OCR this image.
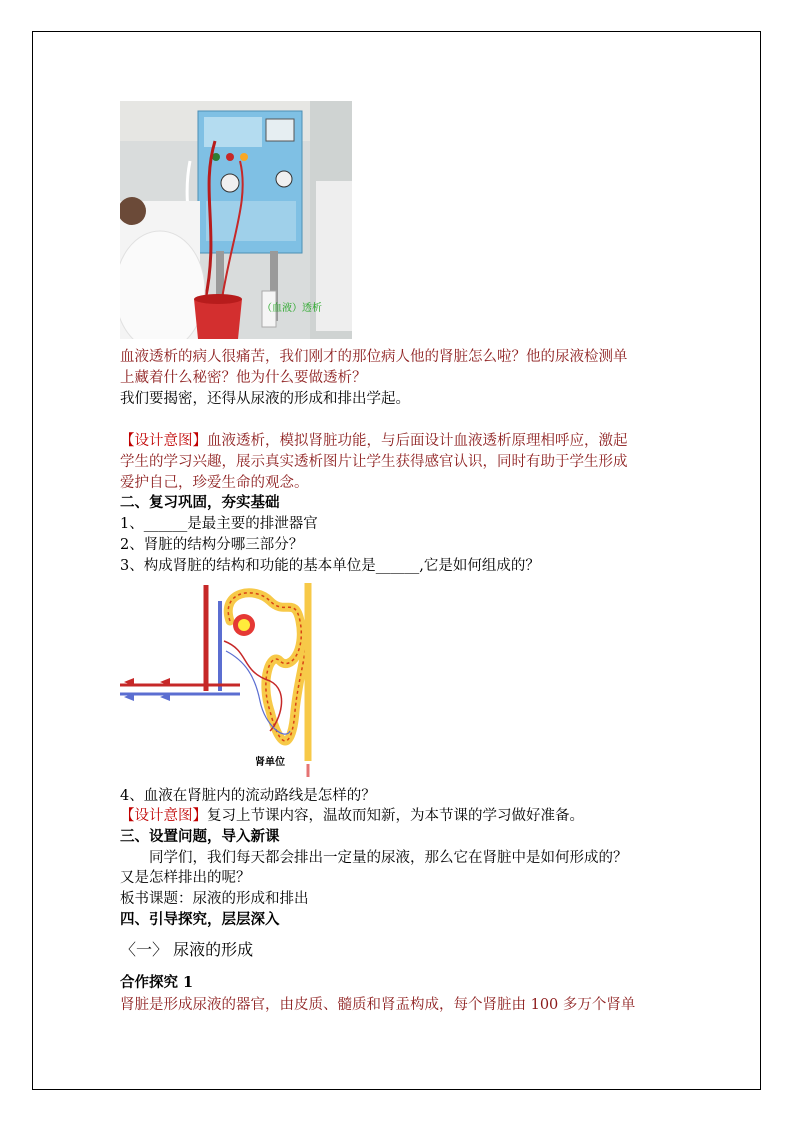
（血液）透析
血液透析的病人很痛苦，我们刚才的那位病人他的肾脏怎么啦？他的尿液检测单
上藏着什么秘密？他为什么要做透析？
我们要揭密，还得从尿液的形成和排出学起。
【设计意图】血液透析，模拟肾脏功能，与后面设计血液透析原理相呼应，激起
学生的学习兴趣，展示真实透析图片让学生获得感官认识，同时有助于学生形成
爱护自己，珍爱生命的观念。
二、复习巩固，夯实基础
1、______是最主要的排泄器官
2、肾脏的结构分哪三部分？
3、构成肾脏的结构和功能的基本单位是______,它是如何组成的？
肾单位
4、血液在肾脏内的流动路线是怎样的？
【设计意图】复习上节课内容，温故而知新，为本节课的学习做好准备。
三、设置问题，导入新课
　　同学们，我们每天都会排出一定量的尿液，那么它在肾脏中是如何形成的？
又是怎样排出的呢？
板书课题：尿液的形成和排出
四、引导探究，层层深入
〈一〉 尿液的形成
合作探究 1
肾脏是形成尿液的器官，由皮质、髓质和肾盂构成，每个肾脏由 100 多万个肾单
